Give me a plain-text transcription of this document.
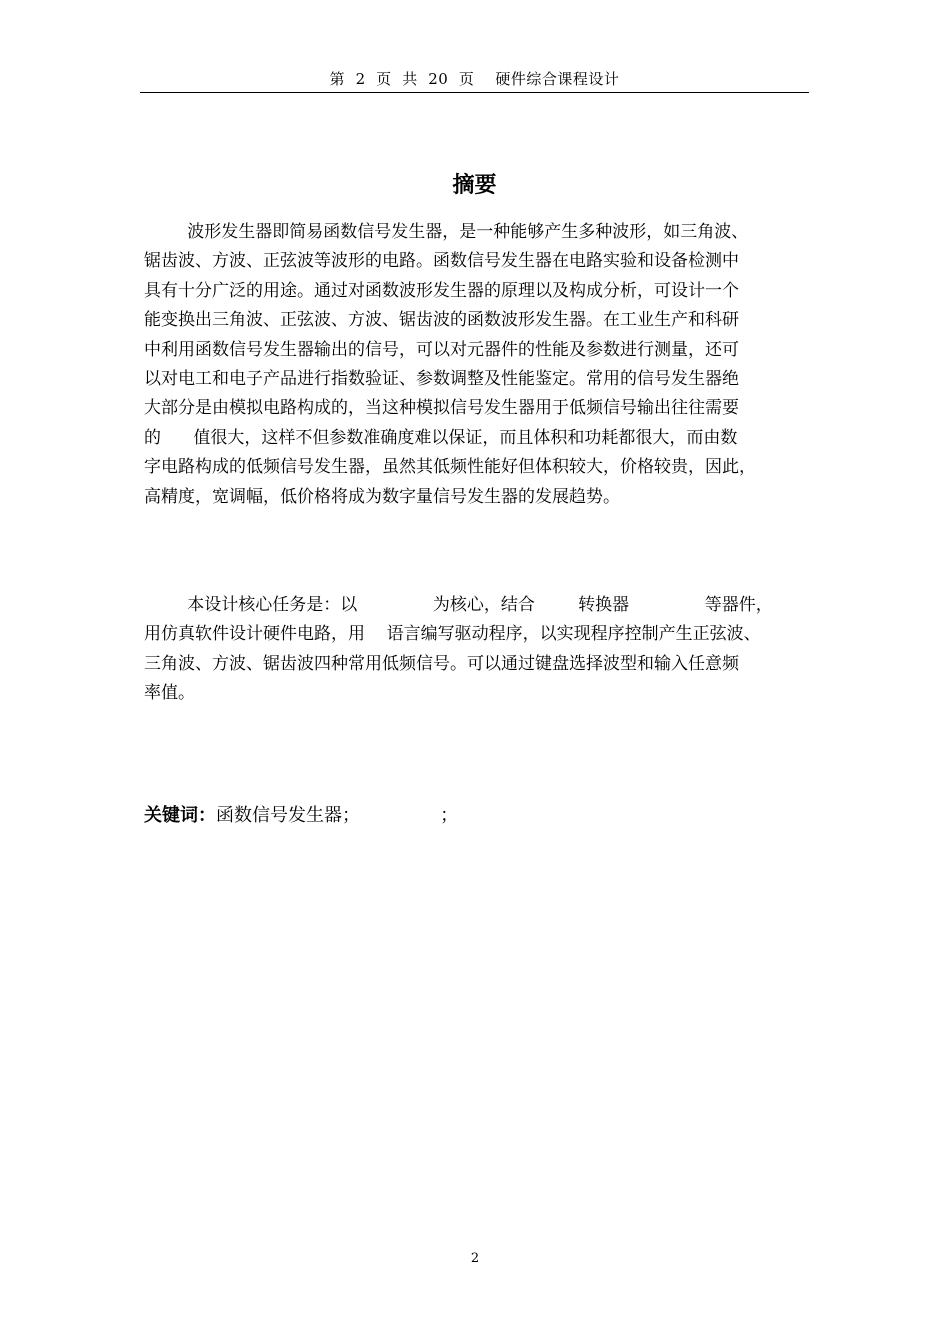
第  2  页  共  20  页    硬件综合课程设计
摘要
波形发生器即简易函数信号发生器，是一种能够产生多种波形，如三角波、
锯齿波、方波、正弦波等波形的电路。函数信号发生器在电路实验和设备检测中
具有十分广泛的用途。通过对函数波形发生器的原理以及构成分析，可设计一个
能变换出三角波、正弦波、方波、锯齿波的函数波形发生器。在工业生产和科研
中利用函数信号发生器输出的信号，可以对元器件的性能及参数进行测量，还可
以对电工和电子产品进行指数验证、参数调整及性能鉴定。常用的信号发生器绝
大部分是由模拟电路构成的，当这种模拟信号发生器用于低频信号输出往往需要
的      值很大，这样不但参数准确度难以保证，而且体积和功耗都很大，而由数
字电路构成的低频信号发生器，虽然其低频性能好但体积较大，价格较贵，因此，
高精度，宽调幅，低价格将成为数字量信号发生器的发展趋势。
本设计核心任务是：以              为核心，结合        转换器              等器件，
用仿真软件设计硬件电路，用    语言编写驱动程序，以实现程序控制产生正弦波、
三角波、方波、锯齿波四种常用低频信号。可以通过键盘选择波型和输入任意频
率值。
关键词：函数信号发生器；              ；
2
